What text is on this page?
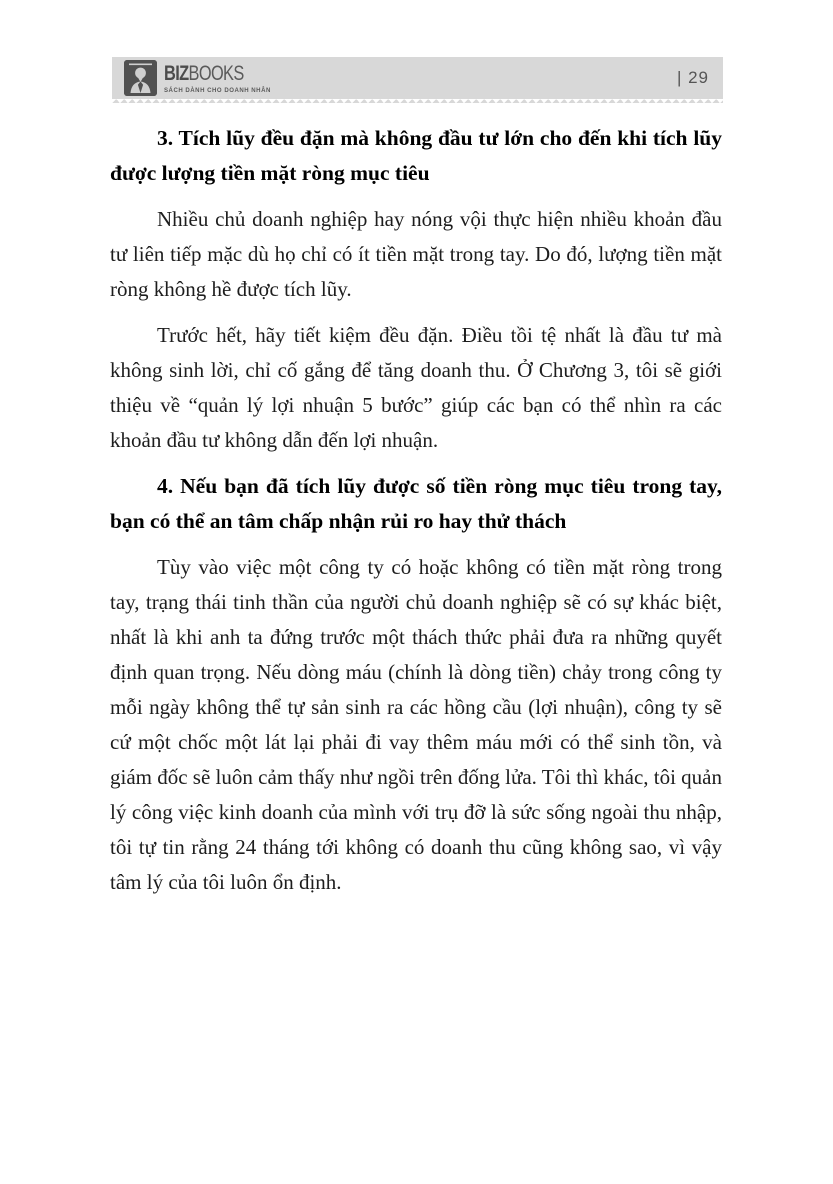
BIZBOOKS
SÁCH DÀNH CHO DOANH NHÂN
| 29

3. Tích lũy đều đặn mà không đầu tư lớn cho đến khi tích lũy được lượng tiền mặt ròng mục tiêu

Nhiều chủ doanh nghiệp hay nóng vội thực hiện nhiều khoản đầu tư liên tiếp mặc dù họ chỉ có ít tiền mặt trong tay. Do đó, lượng tiền mặt ròng không hề được tích lũy.

Trước hết, hãy tiết kiệm đều đặn. Điều tồi tệ nhất là đầu tư mà không sinh lời, chỉ cố gắng để tăng doanh thu. Ở Chương 3, tôi sẽ giới thiệu về “quản lý lợi nhuận 5 bước” giúp các bạn có thể nhìn ra các khoản đầu tư không dẫn đến lợi nhuận.

4. Nếu bạn đã tích lũy được số tiền ròng mục tiêu trong tay, bạn có thể an tâm chấp nhận rủi ro hay thử thách

Tùy vào việc một công ty có hoặc không có tiền mặt ròng trong tay, trạng thái tinh thần của người chủ doanh nghiệp sẽ có sự khác biệt, nhất là khi anh ta đứng trước một thách thức phải đưa ra những quyết định quan trọng. Nếu dòng máu (chính là dòng tiền) chảy trong công ty mỗi ngày không thể tự sản sinh ra các hồng cầu (lợi nhuận), công ty sẽ cứ một chốc một lát lại phải đi vay thêm máu mới có thể sinh tồn, và giám đốc sẽ luôn cảm thấy như ngồi trên đống lửa. Tôi thì khác, tôi quản lý công việc kinh doanh của mình với trụ đỡ là sức sống ngoài thu nhập, tôi tự tin rằng 24 tháng tới không có doanh thu cũng không sao, vì vậy tâm lý của tôi luôn ổn định.
